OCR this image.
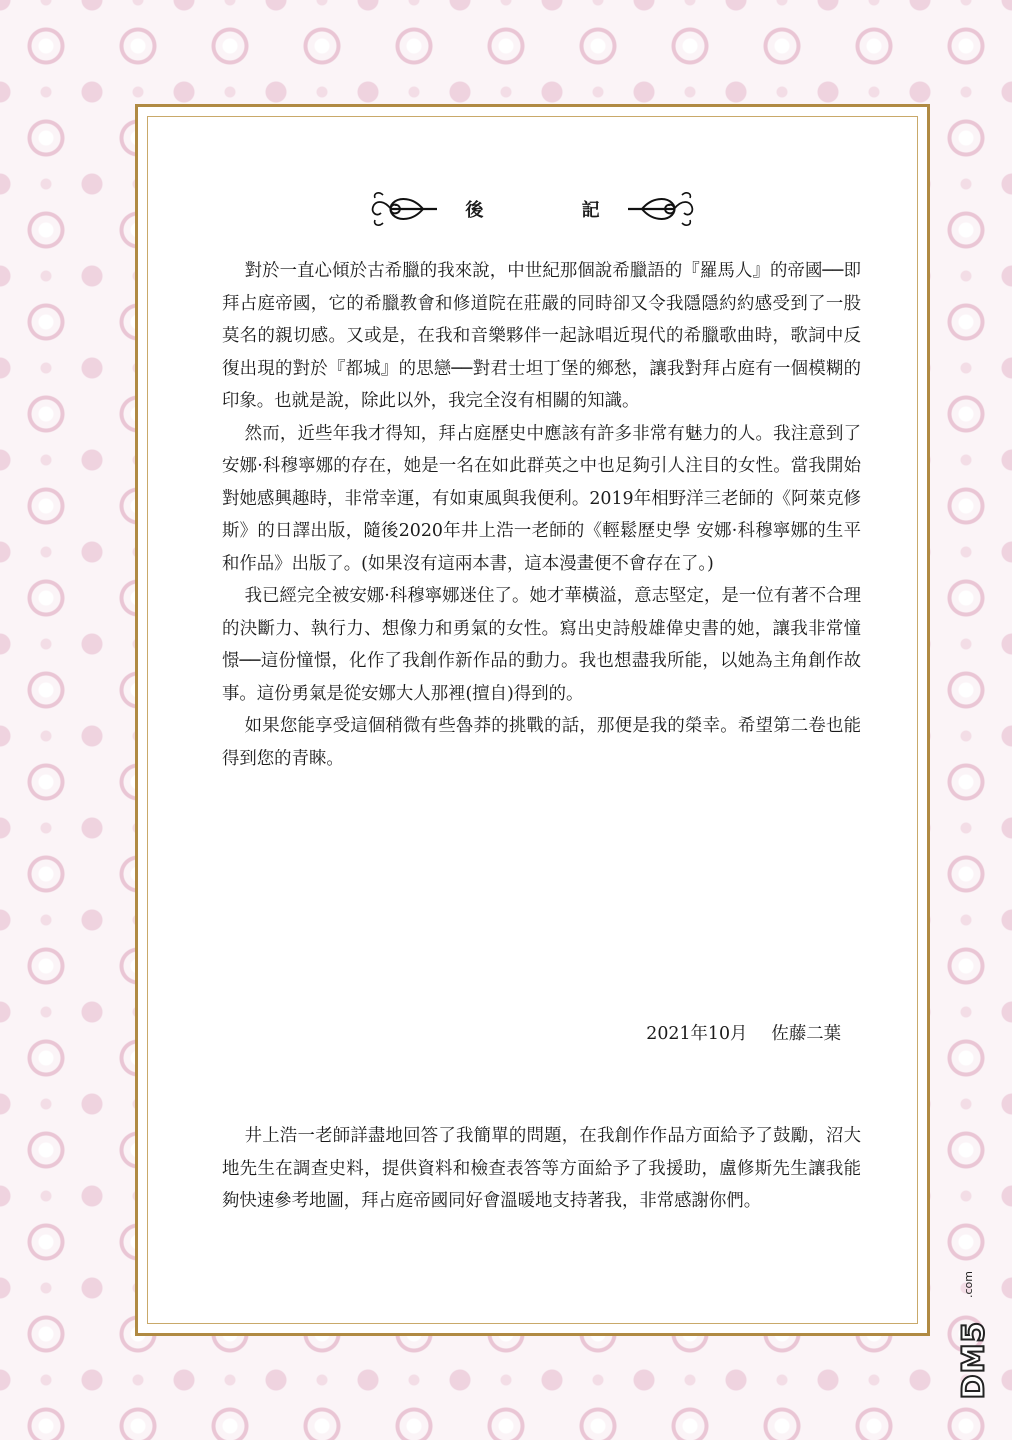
後 記

對於一直心傾於古希臘的我來說，中世紀那個說希臘語的『羅馬人』的帝國──即拜占庭帝國，它的希臘教會和修道院在莊嚴的同時卻又令我隱隱約約感受到了一股莫名的親切感。又或是，在我和音樂夥伴一起詠唱近現代的希臘歌曲時，歌詞中反復出現的對於『都城』的思戀──對君士坦丁堡的鄉愁，讓我對拜占庭有一個模糊的印象。也就是說，除此以外，我完全沒有相關的知識。

然而，近些年我才得知，拜占庭歷史中應該有許多非常有魅力的人。我注意到了安娜·科穆寧娜的存在，她是一名在如此群英之中也足夠引人注目的女性。當我開始對她感興趣時，非常幸運，有如東風與我便利。2019年相野洋三老師的《阿萊克修斯》的日譯出版，隨後2020年井上浩一老師的《輕鬆歷史學 安娜·科穆寧娜的生平和作品》出版了。(如果沒有這兩本書，這本漫畫便不會存在了。)

我已經完全被安娜·科穆寧娜迷住了。她才華橫溢，意志堅定，是一位有著不合理的決斷力、執行力、想像力和勇氣的女性。寫出史詩般雄偉史書的她，讓我非常憧憬──這份憧憬，化作了我創作新作品的動力。我也想盡我所能，以她為主角創作故事。這份勇氣是從安娜大人那裡(擅自)得到的。

如果您能享受這個稍微有些魯莽的挑戰的話，那便是我的榮幸。希望第二卷也能得到您的青睞。

2021年10月 佐藤二葉

井上浩一老師詳盡地回答了我簡單的問題，在我創作作品方面給予了鼓勵，沼大地先生在調查史料，提供資料和檢查表答等方面給予了我援助，盧修斯先生讓我能夠快速參考地圖，拜占庭帝國同好會溫暖地支持著我，非常感謝你們。

.com
DM5
